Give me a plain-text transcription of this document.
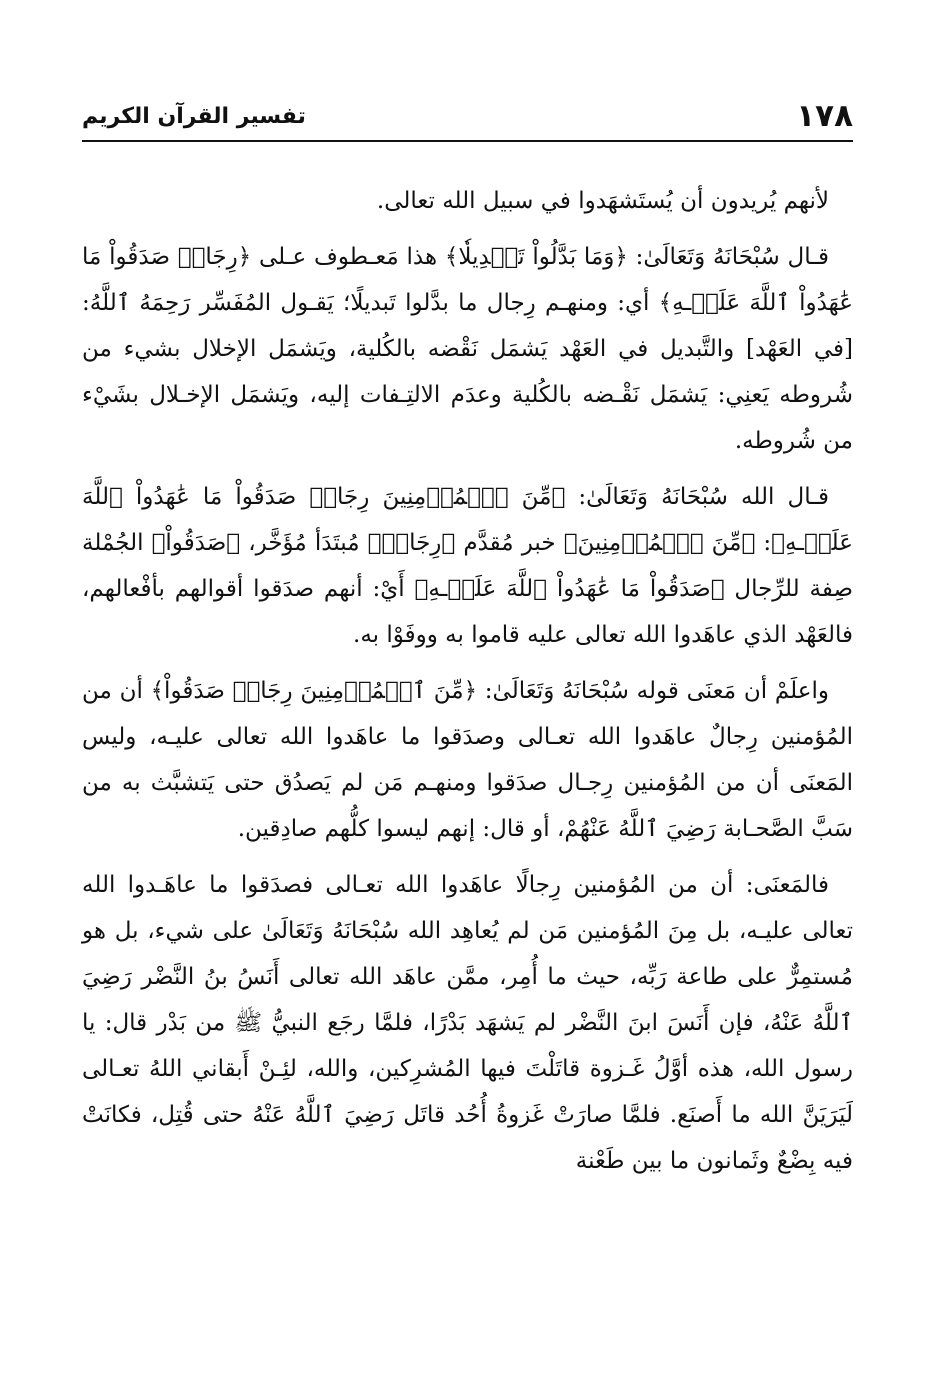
١٧٨
تفسير القرآن الكريم

لأنهم يُريدون أن يُستَشهَدوا في سبيل الله تعالى.

قـال سُبْحَانَهُ وَتَعَالَىٰ: ﴿وَمَا بَدَّلُواْ تَبۡدِيلٗا﴾ هذا مَعـطوف عـلى ﴿رِجَالٞ صَدَقُواْ مَا عَٰهَدُواْ ٱللَّهَ عَلَيۡـهِ﴾ أي: ومنهـم رِجال ما بدَّلوا تَبديلًا؛ يَقـول المُفَسِّر رَحِمَهُ ٱللَّهُ: [في العَهْد] والتَّبديل في العَهْد يَشمَل نَقْضه بالكُلية، ويَشمَل الإخلال بشيء من شُروطه يَعنِي: يَشمَل نَقْـضه بالكُلية وعدَم الالتِـفات إليه، ويَشمَل الإخـلال بشَيْء من شُروطه.

قـال الله سُبْحَانَهُ وَتَعَالَىٰ: ﴿مِّنَ ٱلۡمُؤۡمِنِينَ رِجَالٞ صَدَقُواْ مَا عَٰهَدُواْ ٱللَّهَ عَلَيۡـهِ﴾: ﴿مِّنَ ٱلۡمُؤۡمِنِينَ﴾ خبر مُقدَّم ﴿رِجَالٞ﴾ مُبتَدَأ مُؤَخَّر، ﴿صَدَقُواْ﴾ الجُمْلة صِفة للرِّجال ﴿صَدَقُواْ مَا عَٰهَدُواْ ٱللَّهَ عَلَيۡـهِ﴾ أَيْ: أنهم صدَقوا أقوالهم بأفْعالهم، فالعَهْد الذي عاهَدوا الله تعالى عليه قاموا به ووفَوْا به.

واعلَمْ أن مَعنَى قوله سُبْحَانَهُ وَتَعَالَىٰ: ﴿مِّنَ ٱلۡمُؤۡمِنِينَ رِجَالٞ صَدَقُواْ﴾ أن من المُؤمنين رِجالٌ عاهَدوا الله تعـالى وصدَقوا ما عاهَدوا الله تعالى عليـه، وليس المَعنَى أن من المُؤمنين رِجـال صدَقوا ومنهـم مَن لم يَصدُق حتى يَتشبَّث به من سَبَّ الصَّحـابة رَضِيَ ٱللَّهُ عَنْهُمْ، أو قال: إنهم ليسوا كلُّهم صادِقين.

فالمَعنَى: أن من المُؤمنين رِجالًا عاهَدوا الله تعـالى فصدَقوا ما عاهَـدوا الله تعالى عليـه، بل مِنَ المُؤمنين مَن لم يُعاهِد الله سُبْحَانَهُ وَتَعَالَىٰ على شيء، بل هو مُستمِرٌّ على طاعة رَبِّه، حيث ما أُمِر، ممَّن عاهَد الله تعالى أَنَسُ بنُ النَّضْر رَضِيَ ٱللَّهُ عَنْهُ، فإن أَنَسَ ابنَ النَّضْر لم يَشهَد بَدْرًا، فلمَّا رجَع النبيُّ ﷺ من بَدْر قال: يا رسول الله، هذه أوَّلُ غَـزوة قاتَلْتَ فيها المُشرِكين، والله، لئِـنْ أَبقاني اللهُ تعـالى لَيَرَيَنَّ الله ما أَصنَع. فلمَّا صارَتْ غَزوةُ أُحُد قاتَل رَضِيَ ٱللَّهُ عَنْهُ حتى قُتِل، فكانَتْ فيه بِضْعٌ وثَمانون ما بين طَعْنة
